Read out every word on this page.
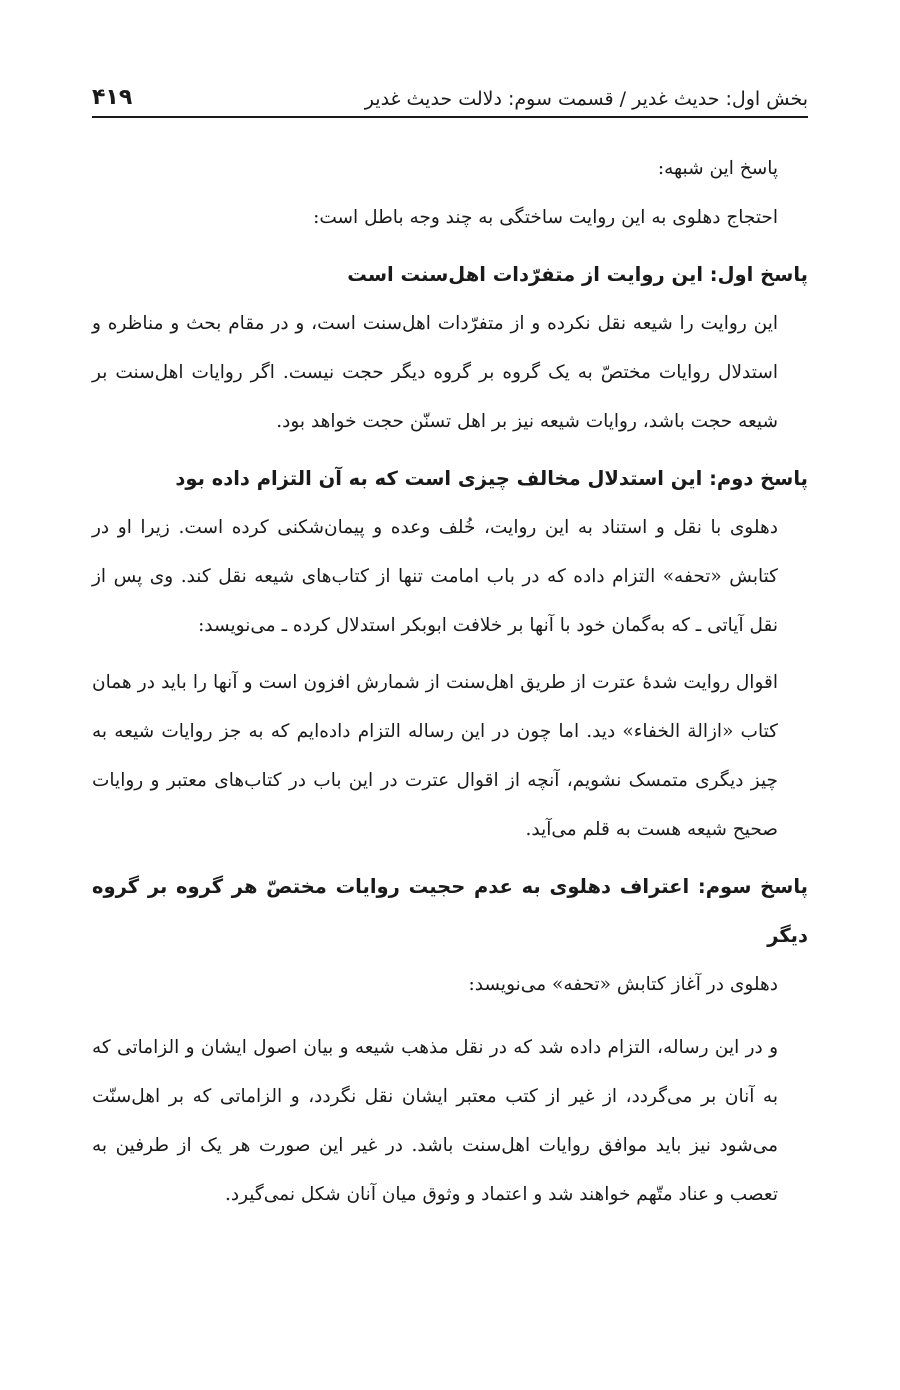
بخش اول: حدیث غدیر / قسمت سوم: دلالت حدیث غدیر
۴۱۹

پاسخ این شبهه:

احتجاج دهلوی به این روایت ساختگی به چند وجه باطل است:

پاسخ اول: این روایت از متفرّدات اهل‌سنت است

این روایت را شیعه نقل نکرده و از متفرّدات اهل‌سنت است، و در مقام بحث و مناظره و استدلال روایات مختصّ به یک گروه بر گروه دیگر حجت نیست. اگر روایات اهل‌سنت بر شیعه حجت باشد، روایات شیعه نیز بر اهل تسنّن حجت خواهد بود.

پاسخ دوم: این استدلال مخالف چیزی است که به آن التزام داده بود

دهلوی با نقل و استناد به این روایت، خُلف وعده و پیمان‌شکنی کرده است. زیرا او در کتابش «تحفه» التزام داده که در باب امامت تنها از کتاب‌های شیعه نقل کند. وی پس از نقل آیاتی ـ که به‌گمان خود با آنها بر خلافت ابوبکر استدلال کرده ـ می‌نویسد:

اقوال روایت شدهٔ عترت از طریق اهل‌سنت از شمارش افزون است و آنها را باید در همان کتاب «ازالة الخفاء» دید. اما چون در این رساله التزام داده‌ایم که به جز روایات شیعه به چیز دیگری متمسک نشویم، آنچه از اقوال عترت در این باب در کتاب‌های معتبر و روایات صحیح شیعه هست به قلم می‌آید.

پاسخ سوم: اعتراف دهلوی به عدم حجیت روایات مختصّ هر گروه بر گروه دیگر

دهلوی در آغاز کتابش «تحفه» می‌نویسد:

و در این رساله، التزام داده شد که در نقل مذهب شیعه و بیان اصول ایشان و الزاماتی که به آنان بر می‌گردد، از غیر از کتب معتبر ایشان نقل نگردد، و الزاماتی که بر اهل‌سنّت می‌شود نیز باید موافق روایات اهل‌سنت باشد. در غیر این صورت هر یک از طرفین به تعصب و عناد متّهم خواهند شد و اعتماد و وثوق میان آنان شکل نمی‌گیرد.
